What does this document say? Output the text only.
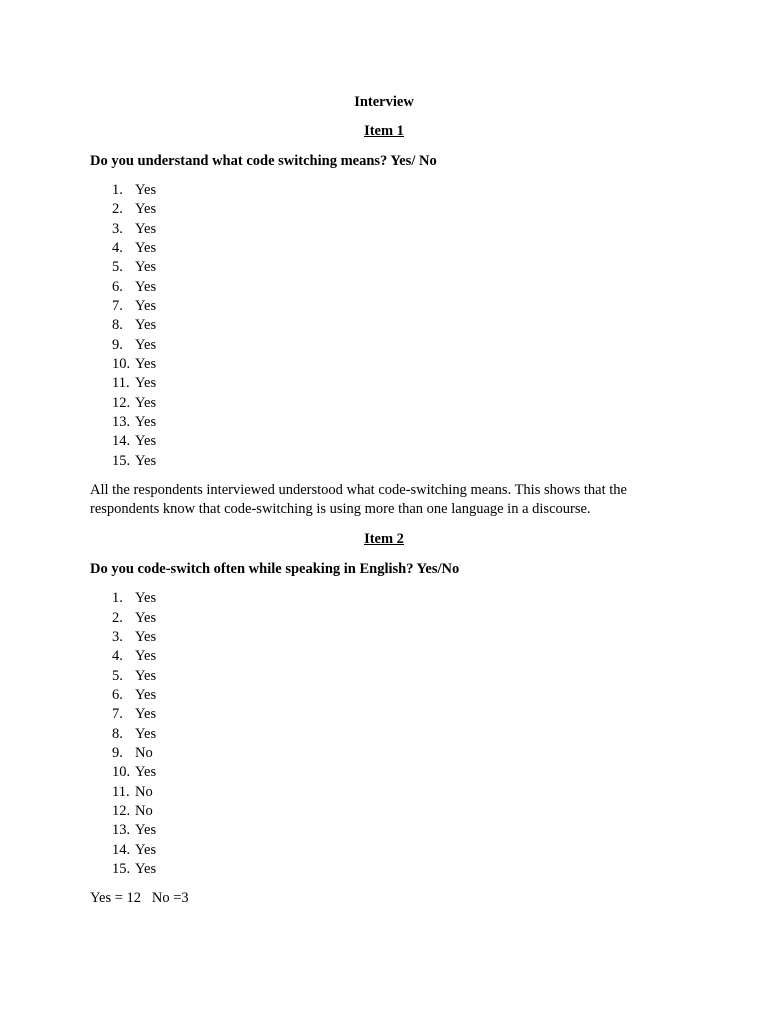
Interview
Item 1
Do you understand what code switching means? Yes/ No
1. Yes
2. Yes
3. Yes
4. Yes
5. Yes
6. Yes
7. Yes
8. Yes
9. Yes
10. Yes
11. Yes
12. Yes
13. Yes
14. Yes
15. Yes
All the respondents interviewed understood what code-switching means. This shows that the respondents know that code-switching is using more than one language in a discourse.
Item 2
Do you code-switch often while speaking in English? Yes/No
1. Yes
2. Yes
3. Yes
4. Yes
5. Yes
6. Yes
7. Yes
8. Yes
9. No
10. Yes
11. No
12. No
13. Yes
14. Yes
15. Yes
Yes = 12   No =3
